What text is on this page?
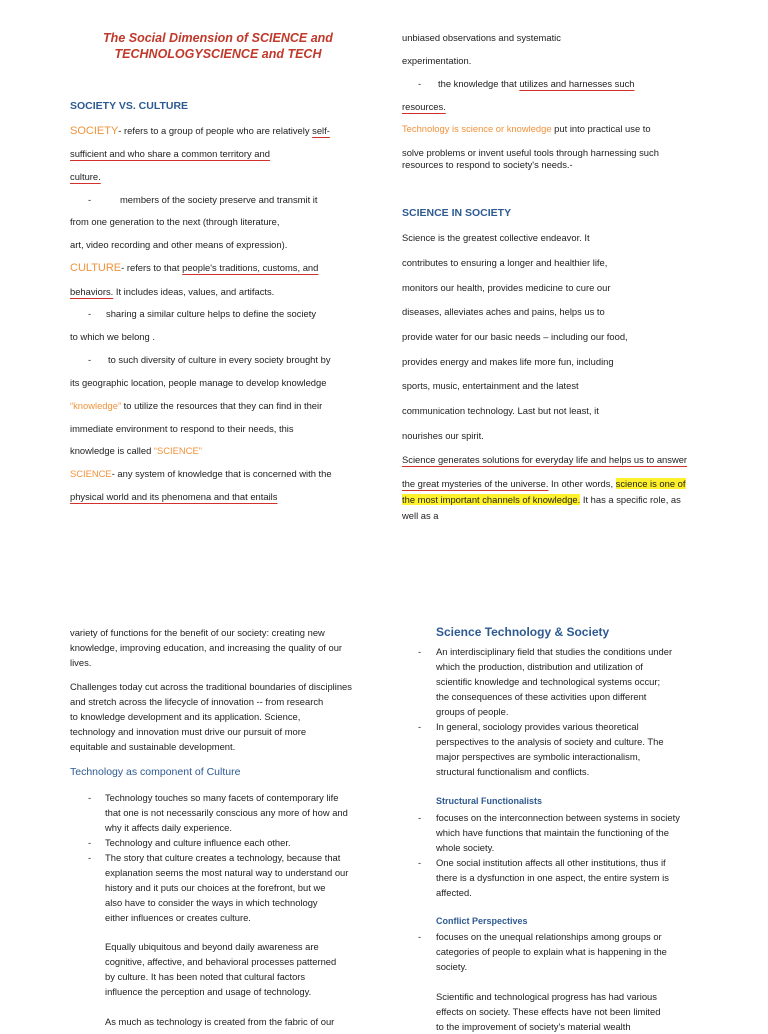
The Social Dimension of SCIENCE and
TECHNOLOGYSCIENCE and TECH
SOCIETY VS. CULTURE
SOCIETY- refers to a group of people who are relatively self-
sufficient and who share a common territory and
culture.
-	members of the society preserve and transmit it
from one generation to the next (through literature,
art, video recording and other means of expression).
CULTURE- refers to that people's traditions, customs, and
behaviors. It includes ideas, values, and artifacts.
- sharing a similar culture helps to define the society
to which we belong .
- to such diversity of culture in every society brought by
its geographic location, people manage to develop knowledge
“knowledge” to utilize the resources that they can find in their
immediate environment to respond to their needs, this
knowledge is called “SCIENCE”
SCIENCE- any system of knowledge that is concerned with the
physical world and its phenomena and that entails
unbiased observations and systematic
experimentation.
- the knowledge that utilizes and harnesses such
resources.
Technology is science or knowledge put into practical use to
solve problems or invent useful tools through harnessing such
resources to respond to society's needs.-
SCIENCE IN SOCIETY
Science is the greatest collective endeavor. It
contributes to ensuring a longer and healthier life,
monitors our health, provides medicine to cure our
diseases, alleviates aches and pains, helps us to
provide water for our basic needs – including our food,
provides energy and makes life more fun, including
sports, music, entertainment and the latest
communication technology. Last but not least, it
nourishes our spirit.
Science generates solutions for everyday life and helps us to answer
the great mysteries of the universe. In other words, science is one of
the most important channels of knowledge. It has a specific role, as
well as a
variety of functions for the benefit of our society: creating new
knowledge, improving education, and increasing the quality of our
lives.
Challenges today cut across the traditional boundaries of disciplines
and stretch across the lifecycle of innovation -- from research
to knowledge development and its application. Science,
technology and innovation must drive our pursuit of more
equitable and sustainable development.
Technology as component of Culture
- Technology touches so many facets of contemporary life
that one is not necessarily conscious any more of how and
why it affects daily experience.
- Technology and culture influence each other.
- The story that culture creates a technology, because that
explanation seems the most natural way to understand our
history and it puts our choices at the forefront, but we
also have to consider the ways in which technology
either influences or creates culture.
Equally ubiquitous and beyond daily awareness are
cognitive, affective, and behavioral processes patterned
by culture. It has been noted that cultural factors
influence the perception and usage of technology.
As much as technology is created from the fabric of our
Science Technology & Society
- An interdisciplinary field that studies the conditions under
which the production, distribution and utilization of
scientific knowledge and technological systems occur;
the consequences of these activities upon different
groups of people.
- In general, sociology provides various theoretical
perspectives to the analysis of society and culture. The
major perspectives are symbolic interactionalism,
structural functionalism and conflicts.
Structural Functionalists
- focuses on the interconnection between systems in society
which have functions that maintain the functioning of the
whole society.
- One social institution affects all other institutions, thus if
there is a dysfunction in one aspect, the entire system is
affected.
Conflict Perspectives
- focuses on the unequal relationships among groups or
categories of people to explain what is happening in the
society.
Scientific and technological progress has had various
effects on society. These effects have not been limited
to the improvement of society's material wealth
